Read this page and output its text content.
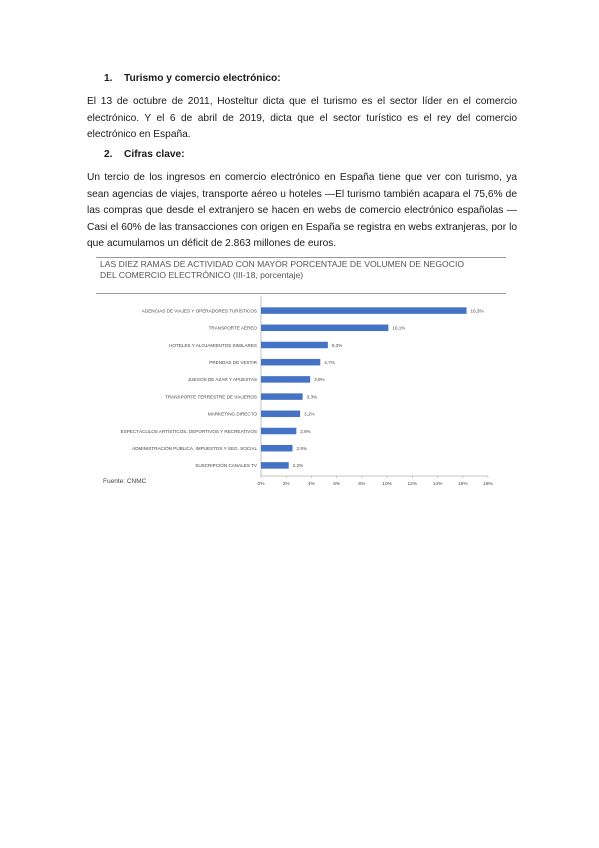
1.	Turismo y comercio electrónico:
El 13 de octubre de 2011, Hosteltur dicta que el turismo es el sector líder en el comercio electrónico. Y el 6 de abril de 2019, dicta que el sector turístico es el rey del comercio electrónico en España.
2.	Cifras clave:
Un tercio de los ingresos en comercio electrónico en España tiene que ver con turismo, ya sean agencias de viajes, transporte aéreo u hoteles —El turismo también acapara el 75,6% de las compras que desde el extranjero se hacen en webs de comercio electrónico españolas —Casi el 60% de las transacciones con origen en España se registra en webs extranjeras, por lo que acumulamos un déficit de 2.863 millones de euros.
LAS DIEZ RAMAS DE ACTIVIDAD CON MAYOR PORCENTAJE DE VOLUMEN DE NEGOCIO
DEL COMERCIO ELECTRÓNICO (III-18, porcentaje)
AGENCIAS DE VIAJES Y OPERADORES TURÍSTICOS	16,3%
TRANSPORTE AÉREO	10,1%
HOTELES Y ALOJAMIENTOS SIMILARES	5,3%
PRENDAS DE VESTIR	4,7%
JUEGOS DE AZAR Y APUESTAS	3,9%
TRANSPORTE TERRESTRE DE VIAJEROS	3,3%
MARKETING DIRECTO	3,1%
ESPECTÁCULOS ARTÍSTICOS, DEPORTIVOS Y RECREATIVOS	2,8%
ADMINISTRACIÓN PÚBLICA, IMPUESTOS Y SEG. SOCIAL	2,5%
SUSCRIPCIÓN CANALES TV	2,2%
0%	2%	4%	6%	8%	10%	12%	14%	16%	18%
Fuente: CNMC
